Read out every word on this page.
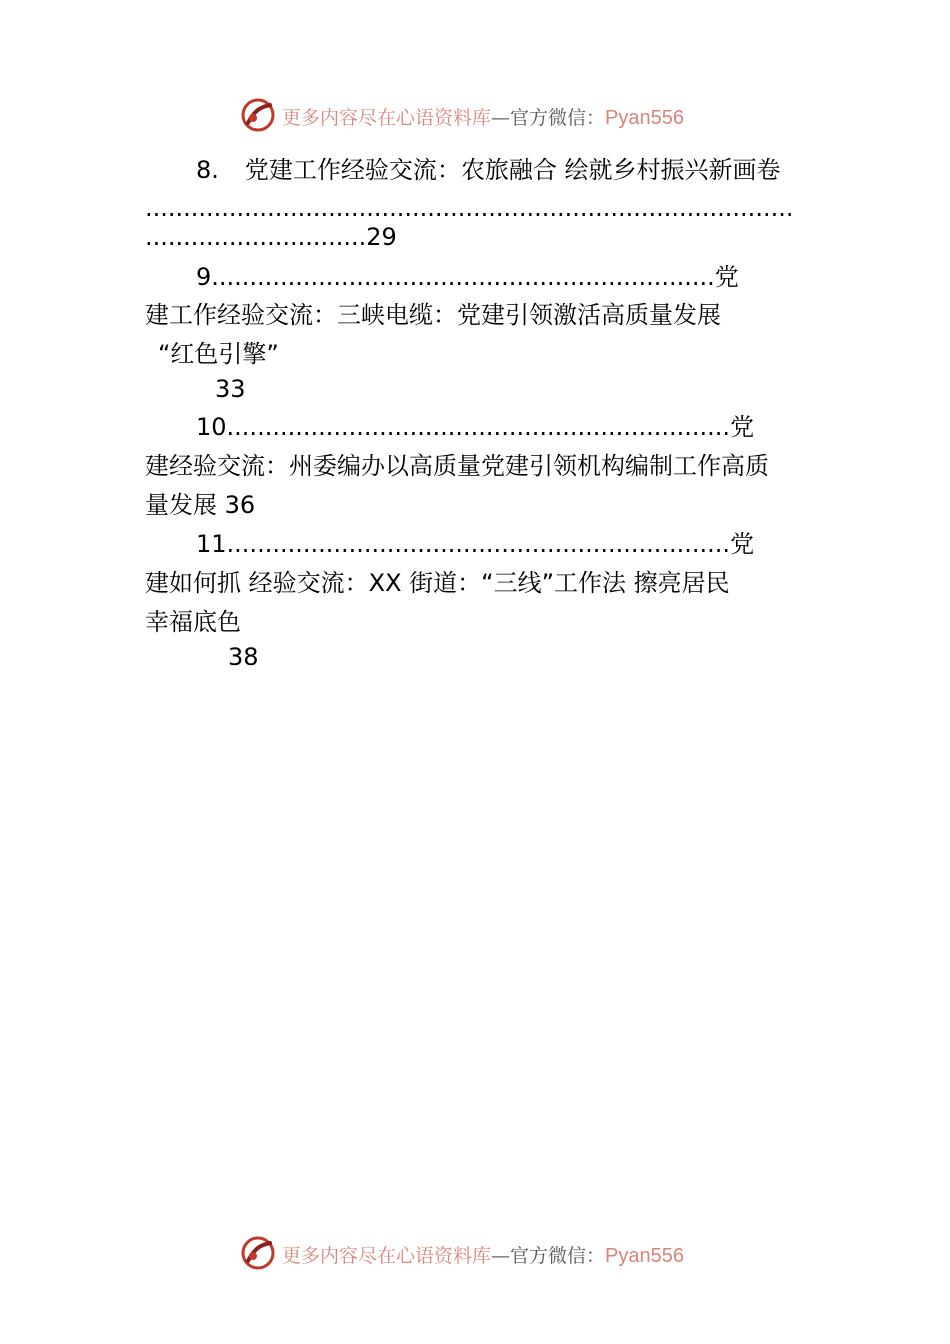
更多内容尽在心语资料库—官方微信：Pyan556
8. 党建工作经验交流：农旅融合 绘就乡村振兴新画卷
.....................................................................................
.............................29
9..................................................................党
建工作经验交流：三峡电缆：党建引领激活高质量发展
“红色引擎”
33
10..................................................................党
建经验交流：州委编办以高质量党建引领机构编制工作高质
量发展 36
11..................................................................党
建如何抓 经验交流：XX 街道：“三线”工作法 擦亮居民
幸福底色
38
更多内容尽在心语资料库—官方微信：Pyan556
